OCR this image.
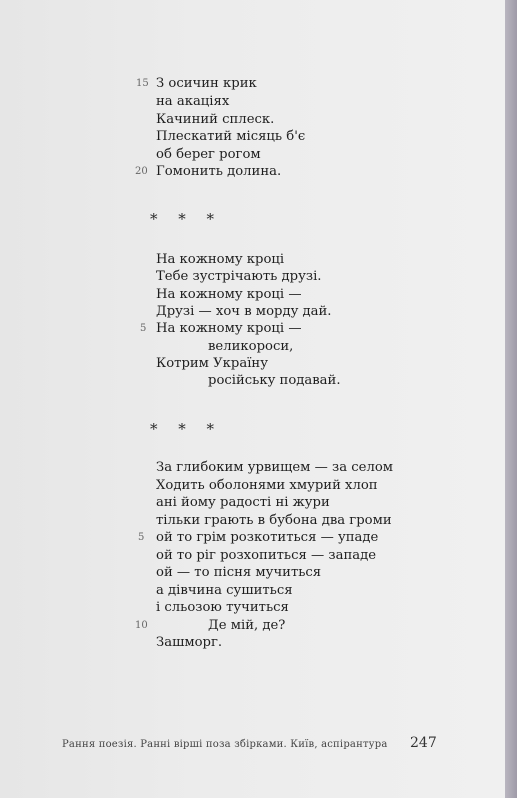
15 З осичин крик
на акаціях
Качиний сплеск.
Плескатий місяць б'є
об берег рогом
20 Гомонить долина.
* * *
На кожному кроці
Тебе зустрічають друзі.
На кожному кроці —
Друзі — хоч в морду дай.
5 На кожному кроці —
великороси,
Котрим Україну
російську подавай.
* * *
За глибоким урвищем — за селом
Ходить оболонями хмурий хлоп
ані йому радості ні жури
тільки грають в бубона два громи
5 ой то грім розкотиться — упаде
ой то ріг розхопиться — западе
ой — то пісня мучиться
а дівчина сушиться
і сльозою тучиться
10	Де мій, де?
Зашморг.
Рання поезія. Ранні вірші поза збірками. Київ, аспірантура 247
